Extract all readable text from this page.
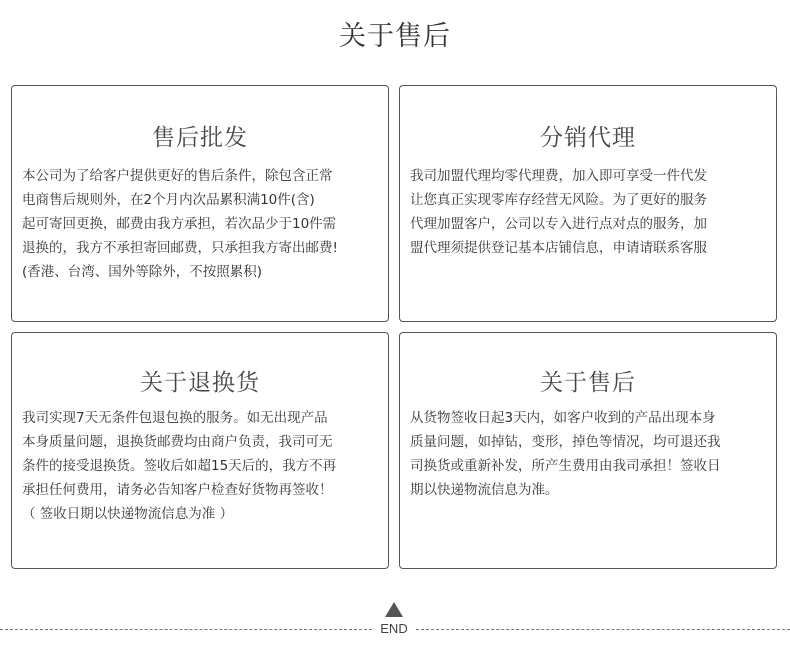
关于售后
售后批发
本公司为了给客户提供更好的售后条件，除包含正常
电商售后规则外，在2个月内次品累积满10件(含)
起可寄回更换，邮费由我方承担，若次品少于10件需
退换的，我方不承担寄回邮费，只承担我方寄出邮费!
(香港、台湾、国外等除外，不按照累积)
分销代理
我司加盟代理均零代理费，加入即可享受一件代发
让您真正实现零库存经营无风险。为了更好的服务
代理加盟客户，公司以专入进行点对点的服务，加
盟代理须提供登记基本店铺信息，申请请联系客服
关于退换货
我司实现7天无条件包退包换的服务。如无出现产品
本身质量问题，退换货邮费均由商户负责，我司可无
条件的接受退换货。签收后如超15天后的，我方不再
承担任何费用，请务必告知客户检查好货物再签收！
（ 签收日期以快递物流信息为准 ）
关于售后
从货物签收日起3天内，如客户收到的产品出现本身
质量问题，如掉钻，变形，掉色等情况，均可退还我
司换货或重新补发，所产生费用由我司承担！签收日
期以快递物流信息为准。
END
